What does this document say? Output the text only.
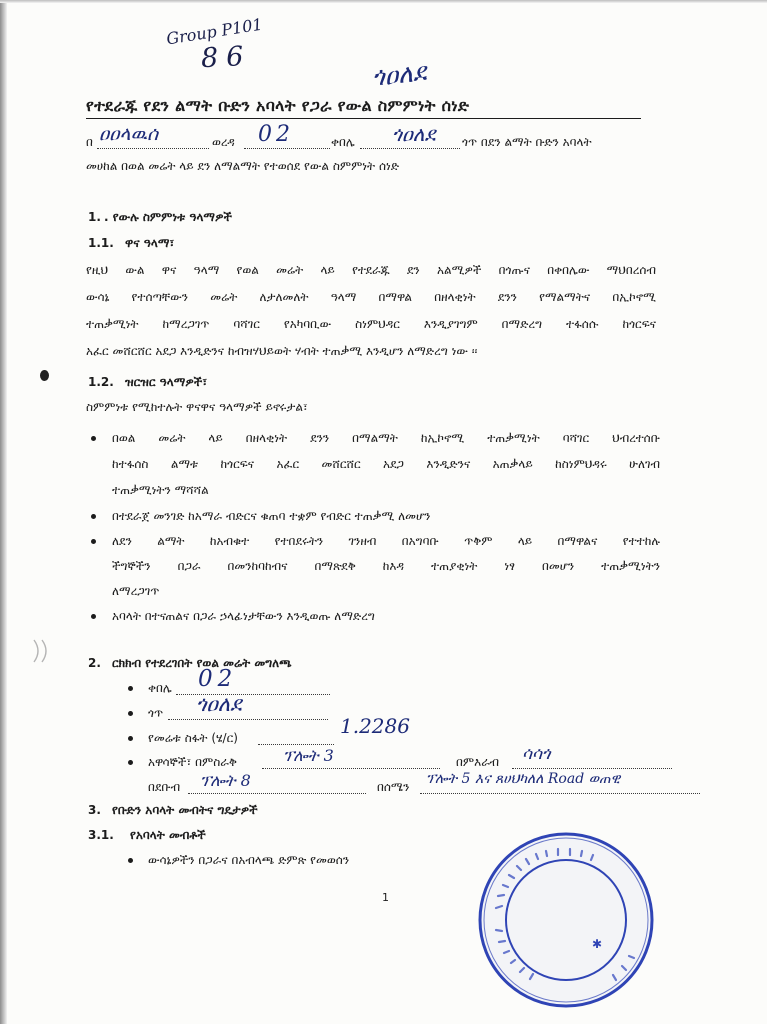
Group P101
86	ጎዐለደ
የተደራጁ የደን ልማት ቡድን አባላት የጋራ የውል ስምምነት ሰነድ
በ ዐዐላዉሰ	ወረዳ 02	ቀበሌ ጎዐለደ ጎጥ በደን ልማት ቡድን አባላት
መሀከል በወል መሬት ላይ ደን ለማልማት የተወሰደ የውል ስምምነት ሰነድ
1. . የውሉ ስምምነቱ ዓላማዎች
1.1. ዋና ዓላማ፣
የዚህ ውል ዋና ዓላማ የወል መሬት ላይ የተደራጁ ደን አልሚዎች በጎጡና በቀበሌው ማህበረሰብ
ውሳኔ የተሰጣቸውን መሬት ለታለመለት ዓላማ በማዋል በዘላቂነት ደንን የማልማትና በኢኮኖሚ
ተጠቃሚነት ከማረጋገጥ ባሻገር የአካባቢው ስነምህዳር እንዲያገግም በማድረግ ተፋሰሱ ከጎርፍና
አፈር መሸርሸር አደጋ እንዲድንና ከብዝሃህይወት ሃብት ተጠቃሚ እንዲሆን ለማድረግ ነው ፡፡
1.2. ዝርዝር ዓላማዎች፣
ስምምነቱ የሚከተሉት ዋናዋና ዓላማዎች ይኖሩታል፣
በወል መሬት ላይ በዘላቂነት ደንን በማልማት ከኢኮኖሚ ተጠቃሚነት ባሻገር ህብረተሰቡ
ከተፋሰስ ልማቱ ከጎርፍና አፈር መሸርሸር አደጋ እንዲድንና አጠቃላይ ከስነምህዳሩ ሁለገብ
ተጠቃሚነትን ማሻሻል
በተደራጀ መንገድ ከአማራ ብድርና ቁጠባ ተቋም የብድር ተጠቃሚ ለመሆን
ለደን ልማት ከአብቁተ የተበደሩትን ገንዘብ በአግባቡ ጥቅም ላይ በማዋልና የተተከሉ
ችግኞችን በጋራ በመንከባከብና በማጽደቅ ከእዳ ተጠያቂነት ነፃ በመሆን ተጠቃሚነትን
ለማረጋገጥ
አባላት በተናጠልና በጋራ ኃላፊነታቸውን እንዲወጡ ለማድረግ
2. ርክክብ የተደረገበት የወል መሬት መግለጫ
ቀበሌ 02
ጎጥ ጎዐለደ
የመሬቱ ስፋት (ሄ/ር)	1.2286
አዋሳኞች፣ በምስራቅ	ፕሎት 3	በምእራብ ሳሳጎ
በደቡብ ፕሎት 8	በሰሜን ፕሎት 5 እና ጸሀህካለለ Road ወጠዊ
3. የቡድን አባላት መብትና ግዴታዎች
3.1. የአባላት መብቶች
ውሳኔዎችን በጋራና በአብላጫ ድምጽ የመወሰን
1
✱
